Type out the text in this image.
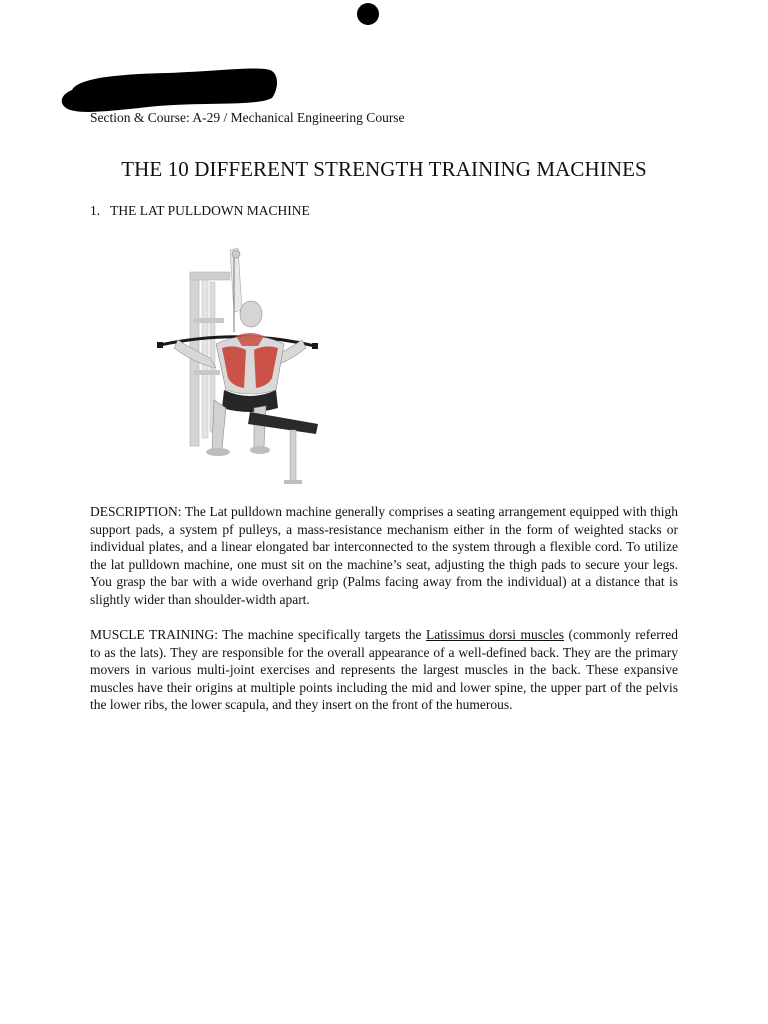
Section & Course: A-29 / Mechanical Engineering Course
THE 10 DIFFERENT STRENGTH TRAINING MACHINES
1. THE LAT PULLDOWN MACHINE

DESCRIPTION: The Lat pulldown machine generally comprises a seating arrangement equipped with thigh support pads, a system pf pulleys, a mass-resistance mechanism either in the form of weighted stacks or individual plates, and a linear elongated bar interconnected to the system through a flexible cord. To utilize the lat pulldown machine, one must sit on the machine’s seat, adjusting the thigh pads to secure your legs. You grasp the bar with a wide overhand grip (Palms facing away from the individual) at a distance that is slightly wider than shoulder-width apart.

MUSCLE TRAINING: The machine specifically targets the Latissimus dorsi muscles (commonly referred to as the lats). They are responsible for the overall appearance of a well-defined back. They are the primary movers in various multi-joint exercises and represents the largest muscles in the back. These expansive muscles have their origins at multiple points including the mid and lower spine, the upper part of the pelvis the lower ribs, the lower scapula, and they insert on the front of the humerous.
